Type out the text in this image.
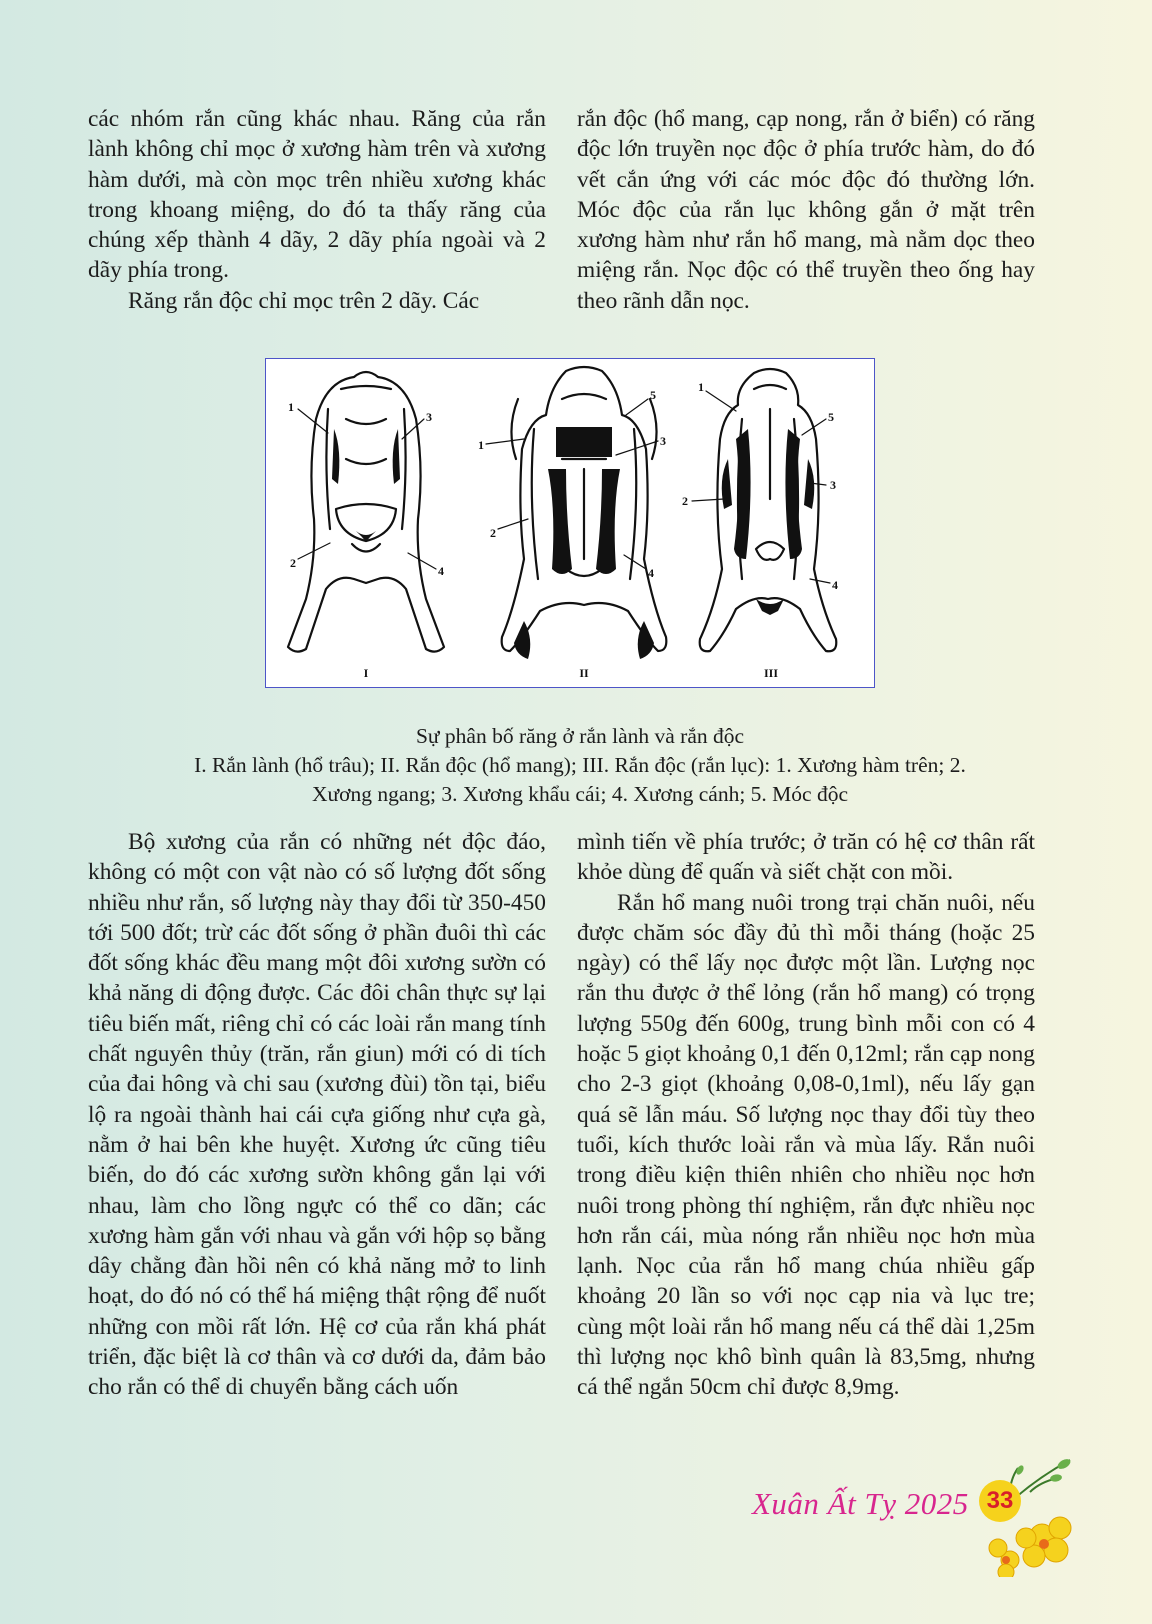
các nhóm rắn cũng khác nhau. Răng của rắn lành không chỉ mọc ở xương hàm trên và xương hàm dưới, mà còn mọc trên nhiều xương khác trong khoang miệng, do đó ta thấy răng của chúng xếp thành 4 dãy, 2 dãy phía ngoài và 2 dãy phía trong.

Răng rắn độc chỉ mọc trên 2 dãy. Các

rắn độc (hổ mang, cạp nong, rắn ở biển) có răng độc lớn truyền nọc độc ở phía trước hàm, do đó vết cắn ứng với các móc độc đó thường lớn. Móc độc của rắn lục không gắn ở mặt trên xương hàm như rắn hổ mang, mà nằm dọc theo miệng rắn. Nọc độc có thể truyền theo ống hay theo rãnh dẫn nọc.

1
2
3
4
1
2
3
4
5
1
2
3
4
5
I	II	III
Sự phân bố răng ở rắn lành và rắn độc
I. Rắn lành (hổ trâu); II. Rắn độc (hổ mang); III. Rắn độc (rắn lục): 1. Xương hàm trên; 2.
Xương ngang; 3. Xương khẩu cái; 4. Xương cánh; 5. Móc độc

Bộ xương của rắn có những nét độc đáo, không có một con vật nào có số lượng đốt sống nhiều như rắn, số lượng này thay đổi từ 350-450 tới 500 đốt; trừ các đốt sống ở phần đuôi thì các đốt sống khác đều mang một đôi xương sườn có khả năng di động được. Các đôi chân thực sự lại tiêu biến mất, riêng chỉ có các loài rắn mang tính chất nguyên thủy (trăn, rắn giun) mới có di tích của đai hông và chi sau (xương đùi) tồn tại, biểu lộ ra ngoài thành hai cái cựa giống như cựa gà, nằm ở hai bên khe huyệt. Xương ức cũng tiêu biến, do đó các xương sườn không gắn lại với nhau, làm cho lồng ngực có thể co dãn; các xương hàm gắn với nhau và gắn với hộp sọ bằng dây chằng đàn hồi nên có khả năng mở to linh hoạt, do đó nó có thể há miệng thật rộng để nuốt những con mồi rất lớn. Hệ cơ của rắn khá phát triển, đặc biệt là cơ thân và cơ dưới da, đảm bảo cho rắn có thể di chuyển bằng cách uốn

mình tiến về phía trước; ở trăn có hệ cơ thân rất khỏe dùng để quấn và siết chặt con mồi.

Rắn hổ mang nuôi trong trại chăn nuôi, nếu được chăm sóc đầy đủ thì mỗi tháng (hoặc 25 ngày) có thể lấy nọc được một lần. Lượng nọc rắn thu được ở thể lỏng (rắn hổ mang) có trọng lượng 550g đến 600g, trung bình mỗi con có 4 hoặc 5 giọt khoảng 0,1 đến 0,12ml; rắn cạp nong cho 2-3 giọt (khoảng 0,08-0,1ml), nếu lấy gạn quá sẽ lẫn máu. Số lượng nọc thay đổi tùy theo tuổi, kích thước loài rắn và mùa lấy. Rắn nuôi trong điều kiện thiên nhiên cho nhiều nọc hơn nuôi trong phòng thí nghiệm, rắn đực nhiều nọc hơn rắn cái, mùa nóng rắn nhiều nọc hơn mùa lạnh. Nọc của rắn hổ mang chúa nhiều gấp khoảng 20 lần so với nọc cạp nia và lục tre; cùng một loài rắn hổ mang nếu cá thể dài 1,25m thì lượng nọc khô bình quân là 83,5mg, nhưng cá thể ngắn 50cm chỉ được 8,9mg.

Xuân Ất Tỵ 2025 33
